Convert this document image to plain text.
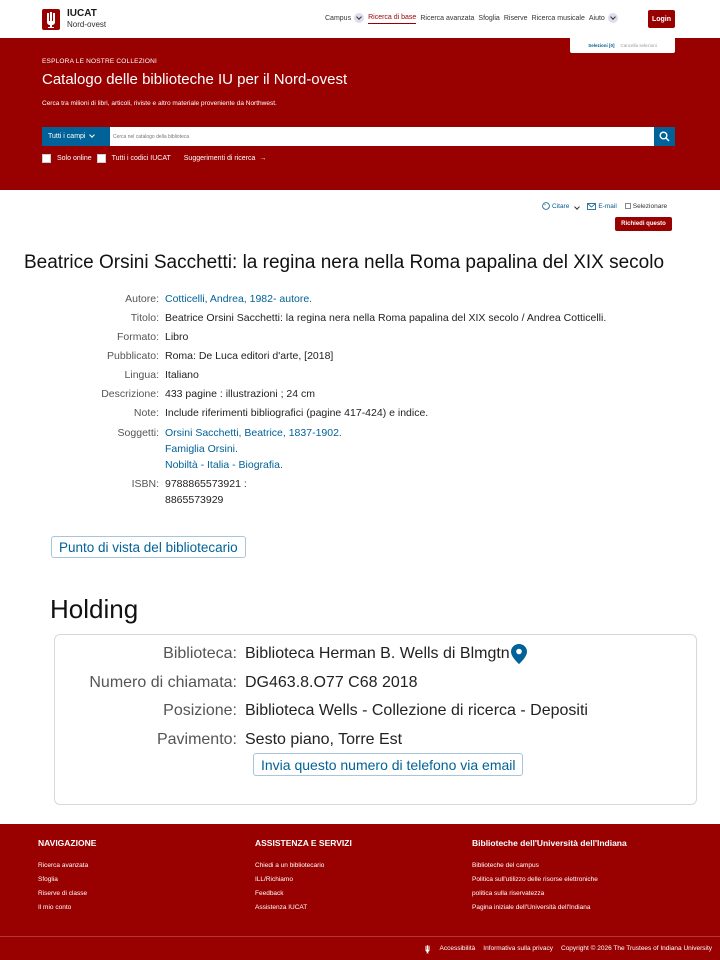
IUCAT
Nord-ovest
Campus Ricerca di base Ricerca avanzata Sfoglia Riserve Ricerca musicale Aiuto	Login
Selezioni [0] Cancella selezioni
ESPLORA LE NOSTRE COLLEZIONI
Catalogo delle biblioteche IU per il Nord-ovest
Cerca tra milioni di libri, articoli, riviste e altro materiale proveniente da Northwest.
Tutti i campi
Cerca nel catalogo della biblioteca
Solo online	Tutti i codici IUCAT Suggerimenti di ricerca →
” Citare	E-mail Selezionare
Richiedi questo
Beatrice Orsini Sacchetti: la regina nera nella Roma papalina del XIX secolo
Autore: Cotticelli, Andrea, 1982- autore.
Titolo: Beatrice Orsini Sacchetti: la regina nera nella Roma papalina del XIX secolo / Andrea Cotticelli.
Formato: Libro
Pubblicato: Roma: De Luca editori d'arte, [2018]
Lingua: Italiano
Descrizione: 433 pagine : illustrazioni ; 24 cm
Note: Include riferimenti bibliografici (pagine 417-424) e indice.
Soggetti: Orsini Sacchetti, Beatrice, 1837-1902.
Famiglia Orsini.
Nobiltà - Italia - Biografia.
ISBN: 9788865573921 :
8865573929
Punto di vista del bibliotecario
Holding
Biblioteca: Biblioteca Herman B. Wells di Blmgtn
Numero di chiamata: DG463.8.O77 C68 2018
Posizione: Biblioteca Wells - Collezione di ricerca - Depositi
Pavimento: Sesto piano, Torre Est
Invia questo numero di telefono via email
NAVIGAZIONE
Ricerca avanzata
Sfoglia
Riserve di classe
Il mio conto
ASSISTENZA E SERVIZI
Chiedi a un bibliotecario
ILL/Richiamo
Feedback
Assistenza IUCAT
Biblioteche dell'Università dell'Indiana
Biblioteche del campus
Politica sull'utilizzo delle risorse elettroniche
politica sulla riservatezza
Pagina iniziale dell'Università dell'Indiana
Accessibilità Informativa sulla privacy Copyright © 2026 The Trustees of Indiana University
